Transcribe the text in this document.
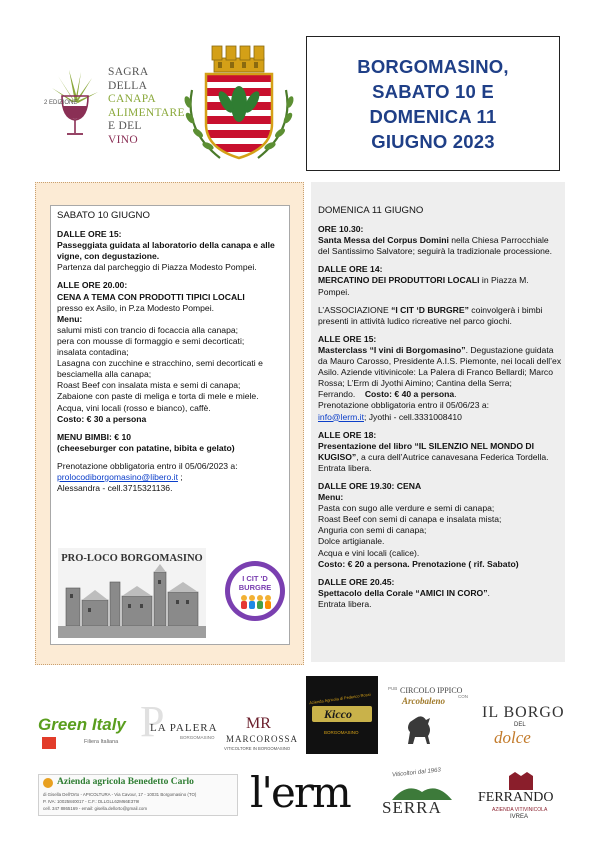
2 EDIZIONE
SAGRA
DELLA
CANAPA
ALIMENTARE
E DEL
VINO
BORGOMASINO,
SABATO 10 E
DOMENICA 11
GIUGNO 2023

SABATO 10 GIUGNO

DALLE ORE 15:

Passeggiata guidata al laboratorio della canapa e alle vigne, con degustazione.

Partenza dal parcheggio di Piazza Modesto Pompei.

ALLE ORE 20.00:

CENA A TEMA CON PRODOTTI TIPICI LOCALI

presso ex Asilo, in P.za Modesto Pompei.

Menu:

salumi misti con trancio di focaccia alla canapa;

pera con mousse di formaggio e semi decorticati;

insalata contadina;

Lasagna con zucchine e stracchino, semi decorticati e besciamella alla canapa;

Roast Beef con insalata mista e semi di canapa;

Zabaione con paste di meliga e torta di mele e miele.

Acqua, vini locali (rosso e bianco), caffè.

Costo: € 30 a persona

MENU BIMBI: € 10

(cheeseburger con patatine, bibita e gelato)

Prenotazione obbligatoria entro il 05/06/2023 a:

prolocodiborgomasino@libero.it ;

Alessandra - cell.3715321136.

PRO-LOCO BORGOMASINO
I CIT 'D
BURGRE

DOMENICA 11 GIUGNO

ORE 10.30:

Santa Messa del Corpus Domini nella Chiesa Parrocchiale del Santissimo Salvatore; seguirà la tradizionale processione.

DALLE ORE 14:

MERCATINO DEI PRODUTTORI LOCALI in Piazza M. Pompei.

L’ASSOCIAZIONE “I CIT ‘D BURGRE” coinvolgerà i bimbi presenti in attività ludico ricreative nel parco giochi.

ALLE ORE 15:

Masterclass “I vini di Borgomasino”. Degustazione guidata da Mauro Carosso, Presidente A.I.S. Piemonte, nei locali dell’ex Asilo. Aziende vitivinicole: La Palera di Franco Bellardi; Marco Rossa; L’Erm di Jyothi Aimino; Cantina della Serra; Ferrando. Costo: € 40 a persona.

Prenotazione obbligatoria entro il 05/06/23 a:

info@lerm.it; Jyothi - cell.3331008410

ALLE ORE 18:

Presentazione del libro “IL SILENZIO NEL MONDO DI KUGISO”, a cura dell’Autrice canavesana Federica Tordella.

Entrata libera.

DALLE ORE 19.30: CENA

Menu:

Pasta con sugo alle verdure e semi di canapa;

Roast Beef con semi di canapa e insalata mista;

Anguria con semi di canapa;

Dolce artigianale.

Acqua e vini locali (calice).

Costo: € 20 a persona. Prenotazione ( rif. Sabato)

DALLE ORE 20.45:

Spettacolo della Corale “AMICI IN CORO”.

Entrata libera.

Green Italy
Filiera Italiana P
LA PALERA
BORGOMASINO
MR
MARCOROSSA
VITICOLTORE IN BORGOMASINO
Azienda Agricola di Federico Rossi
Kicco
BORGOMASINO
PUB CIRCOLO IPPICO
CON
Arcobaleno
IL BORGO
DEL
dolce
Azienda agricola Benedetto Carlo
di Gisella Dell'Orto - APICOLTURA - Via Cavour, 17 - 10031 Borgomasino (TO)
P. IVA: 10025840017 - C.F.: DLLGLL62M66E379I
cell. 347 8865169 - email: gisella.dellorto@gmail.com l'erm	Viticoltori dal 1963
SERRA
FERRANDO
AZIENDA VITIVINICOLA
IVREA
